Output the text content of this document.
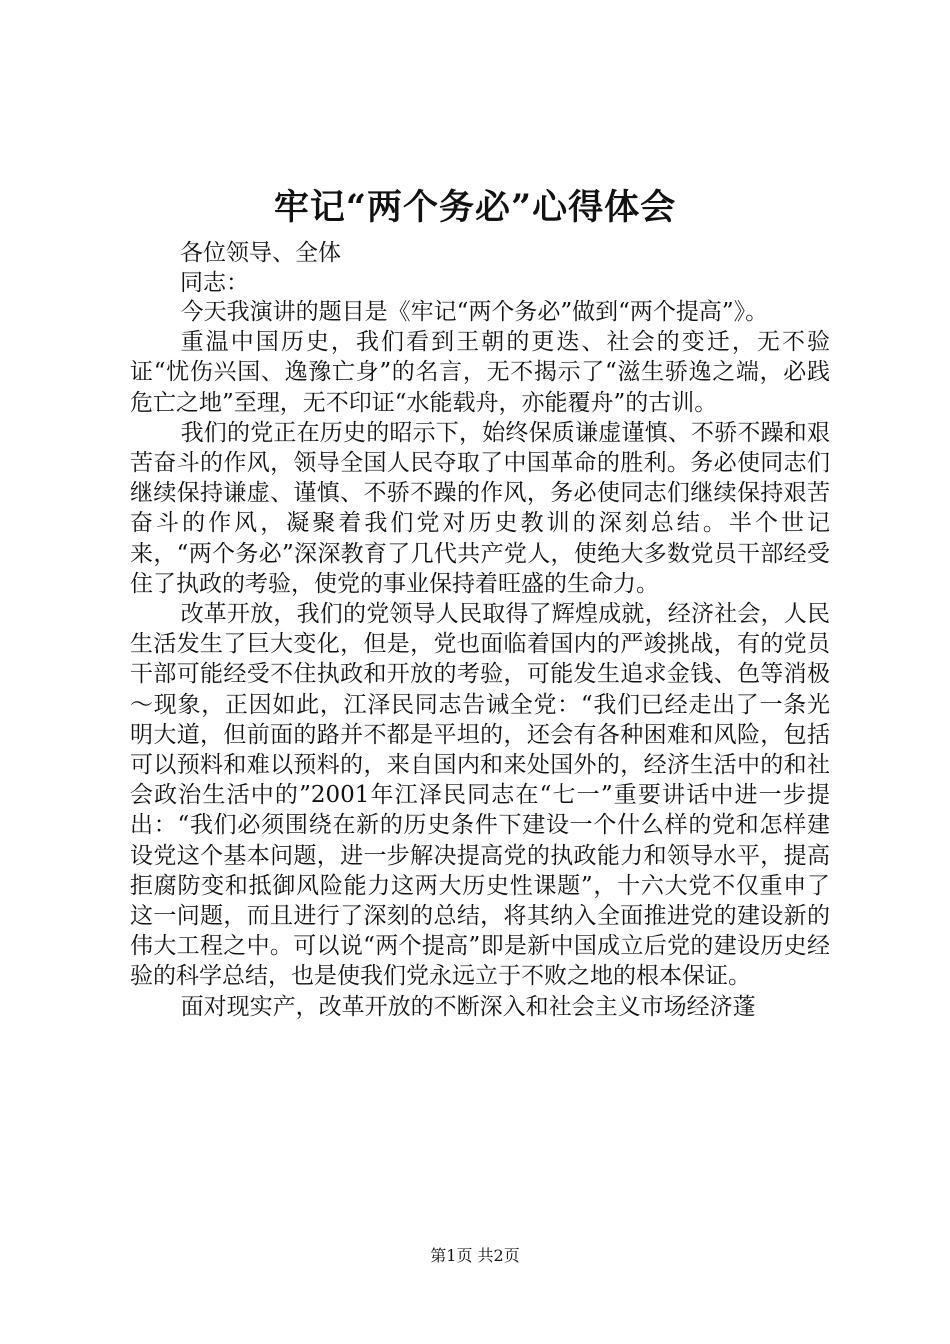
牢记“两个务必”心得体会

各位领导、全体

同志：

今天我演讲的题目是《牢记“两个务必”做到“两个提高”》。

重温中国历史，我们看到王朝的更迭、社会的变迁，无不验证“忧伤兴国、逸豫亡身”的名言，无不揭示了“滋生骄逸之端，必践危亡之地”至理，无不印证“水能载舟，亦能覆舟”的古训。

我们的党正在历史的昭示下，始终保质谦虚谨慎、不骄不躁和艰苦奋斗的作风，领导全国人民夺取了中国革命的胜利。务必使同志们继续保持谦虚、谨慎、不骄不躁的作风，务必使同志们继续保持艰苦奋斗的作风，凝聚着我们党对历史教训的深刻总结。半个世记来，“两个务必”深深教育了几代共产党人，使绝大多数党员干部经受住了执政的考验，使党的事业保持着旺盛的生命力。

改革开放，我们的党领导人民取得了辉煌成就，经济社会，人民生活发生了巨大变化，但是，党也面临着国内的严竣挑战，有的党员干部可能经受不住执政和开放的考验，可能发生追求金钱、色等消极～现象，正因如此，江泽民同志告诫全党：“我们已经走出了一条光明大道，但前面的路并不都是平坦的，还会有各种困难和风险，包括可以预料和难以预料的，来自国内和来处国外的，经济生活中的和社会政治生活中的”2001年江泽民同志在“七一”重要讲话中进一步提出：“我们必须围绕在新的历史条件下建设一个什么样的党和怎样建设党这个基本问题，进一步解决提高党的执政能力和领导水平，提高拒腐防变和抵御风险能力这两大历史性课题”，十六大党不仅重申了这一问题，而且进行了深刻的总结，将其纳入全面推进党的建设新的伟大工程之中。可以说“两个提高”即是新中国成立后党的建设历史经验的科学总结，也是使我们党永远立于不败之地的根本保证。

面对现实产，改革开放的不断深入和社会主义市场经济蓬

第1页 共2页
